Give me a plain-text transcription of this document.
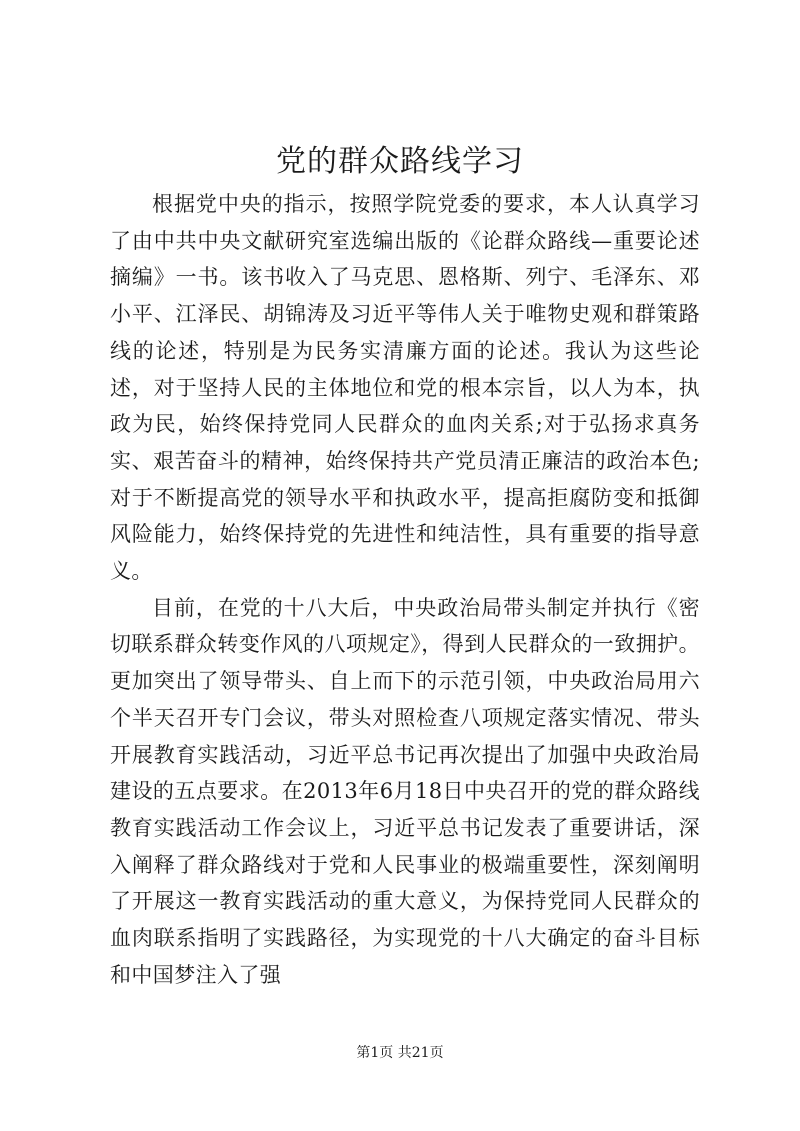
党的群众路线学习

根据党中央的指示，按照学院党委的要求，本人认真学习了由中共中央文献研究室选编出版的《论群众路线—重要论述摘编》一书。该书收入了马克思、恩格斯、列宁、毛泽东、邓小平、江泽民、胡锦涛及习近平等伟人关于唯物史观和群策路线的论述，特别是为民务实清廉方面的论述。我认为这些论述，对于坚持人民的主体地位和党的根本宗旨，以人为本，执政为民，始终保持党同人民群众的血肉关系;对于弘扬求真务实、艰苦奋斗的精神，始终保持共产党员清正廉洁的政治本色;对于不断提高党的领导水平和执政水平，提高拒腐防变和抵御风险能力，始终保持党的先进性和纯洁性，具有重要的指导意义。

目前，在党的十八大后，中央政治局带头制定并执行《密切联系群众转变作风的八项规定》，得到人民群众的一致拥护。更加突出了领导带头、自上而下的示范引领，中央政治局用六个半天召开专门会议，带头对照检查八项规定落实情况、带头开展教育实践活动，习近平总书记再次提出了加强中央政治局建设的五点要求。在2013年6月18日中央召开的党的群众路线教育实践活动工作会议上，习近平总书记发表了重要讲话，深入阐释了群众路线对于党和人民事业的极端重要性，深刻阐明了开展这一教育实践活动的重大意义，为保持党同人民群众的血肉联系指明了实践路径，为实现党的十八大确定的奋斗目标和中国梦注入了强

第1页 共21页
